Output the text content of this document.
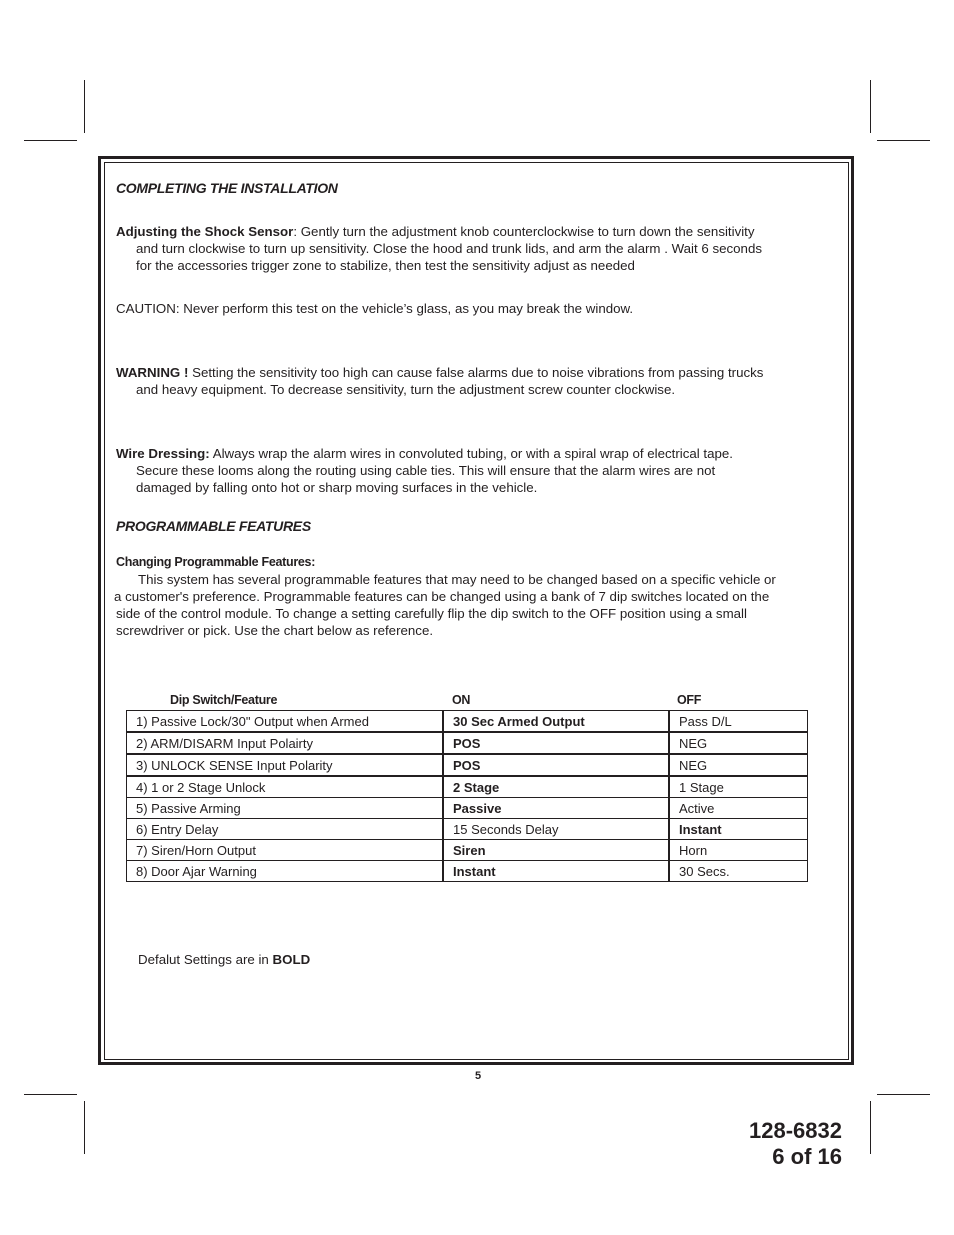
COMPLETING THE INSTALLATION

Adjusting the Shock Sensor: Gently turn the adjustment knob counterclockwise to turn down the sensitivity
and turn clockwise to turn up sensitivity. Close the hood and trunk lids, and arm the alarm . Wait 6 seconds
for the accessories trigger zone to stabilize, then test the sensitivity adjust as needed

CAUTION: Never perform this test on the vehicle’s glass, as you may break the window.

WARNING ! Setting the sensitivity too high can cause false alarms due to noise vibrations from passing trucks
and heavy equipment. To decrease sensitivity, turn the adjustment screw counter clockwise.

Wire Dressing: Always wrap the alarm wires in convoluted tubing, or with a spiral wrap of electrical tape.
Secure these looms along the routing using cable ties. This will ensure that the alarm wires are not
damaged by falling onto hot or sharp moving surfaces in the vehicle.

PROGRAMMABLE FEATURES
Changing Programmable Features:

This system has several programmable features that may need to be changed based on a specific vehicle or
a customer's preference. Programmable features can be changed using a bank of 7 dip switches located on the
side of the control module. To change a setting carefully flip the dip switch to the OFF position using a small
screwdriver or pick. Use the chart below as reference.

Dip Switch/Feature	ON	OFF
1) Passive Lock/30" Output when Armed	30 Sec Armed Output	Pass D/L
2) ARM/DISARM Input Polairty	POS	NEG
3) UNLOCK SENSE Input Polarity	POS	NEG
4) 1 or 2 Stage Unlock	2 Stage	1 Stage
5) Passive Arming	Passive	Active
6) Entry Delay	15 Seconds Delay	Instant
7) Siren/Horn Output	Siren	Horn
8) Door Ajar Warning	Instant	30 Secs.
Defalut Settings are in BOLD
5
128-6832
6 of 16
